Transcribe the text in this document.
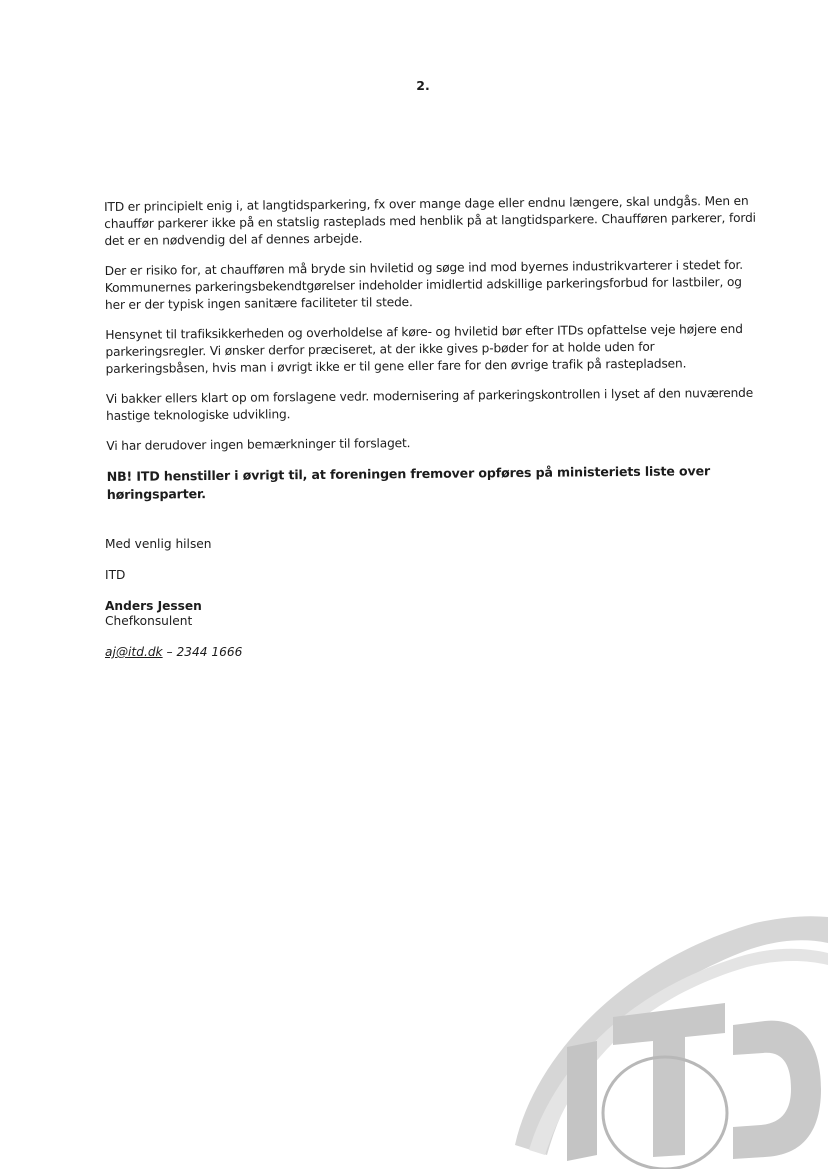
2.

ITD er principielt enig i, at langtidsparkering, fx over mange dage eller endnu længere, skal undgås. Men en chauffør parkerer ikke på en statslig rasteplads med henblik på at langtidsparkere. Chaufføren parkerer, fordi det er en nødvendig del af dennes arbejde.

Der er risiko for, at chaufføren må bryde sin hviletid og søge ind mod byernes industrikvarterer i stedet for. Kommunernes parkeringsbekendtgørelser indeholder imidlertid adskillige parkeringsforbud for lastbiler, og her er der typisk ingen sanitære faciliteter til stede.

Hensynet til trafiksikkerheden og overholdelse af køre- og hviletid bør efter ITDs opfattelse veje højere end parkeringsregler. Vi ønsker derfor præciseret, at der ikke gives p-bøder for at holde uden for parkeringsbåsen, hvis man i øvrigt ikke er til gene eller fare for den øvrige trafik på rastepladsen.

Vi bakker ellers klart op om forslagene vedr. modernisering af parkeringskontrollen i lyset af den nuværende hastige teknologiske udvikling.

Vi har derudover ingen bemærkninger til forslaget.

NB! ITD henstiller i øvrigt til, at foreningen fremover opføres på ministeriets liste over høringsparter.

Med venlig hilsen
ITD
Anders Jessen
Chefkonsulent
aj@itd.dk – 2344 1666
